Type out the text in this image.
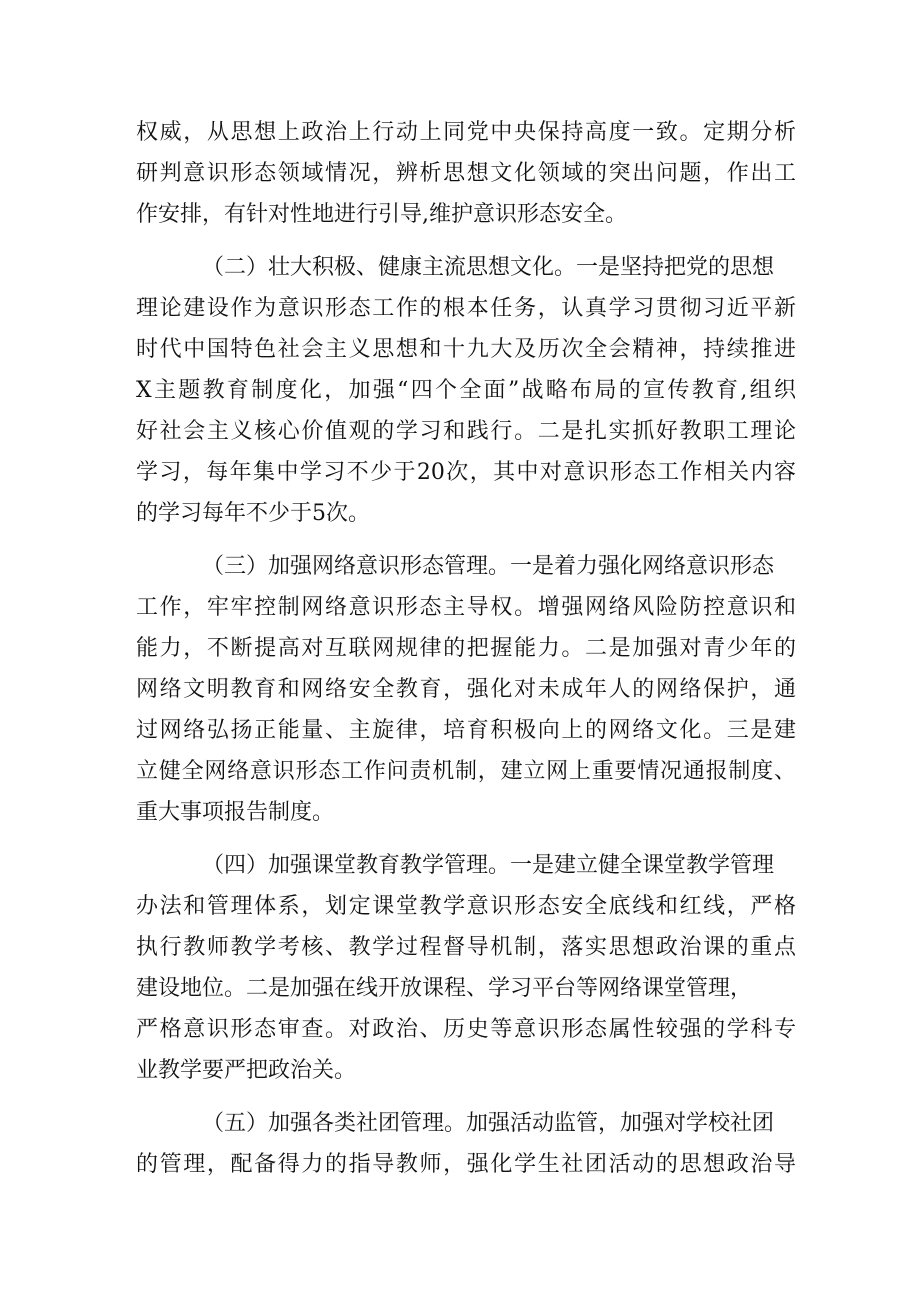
权威，从思想上政治上行动上同党中央保持高度一致。定期分析
研判意识形态领域情况，辨析思想文化领域的突出问题，作出工
作安排，有针对性地进行引导,维护意识形态安全。
（二）壮大积极、健康主流思想文化。一是坚持把党的思想
理论建设作为意识形态工作的根本任务，认真学习贯彻习近平新
时代中国特色社会主义思想和十九大及历次全会精神，持续推进
X主题教育制度化，加强“四个全面”战略布局的宣传教育,组织
好社会主义核心价值观的学习和践行。二是扎实抓好教职工理论
学习，每年集中学习不少于20次，其中对意识形态工作相关内容
的学习每年不少于5次。
（三）加强网络意识形态管理。一是着力强化网络意识形态
工作，牢牢控制网络意识形态主导权。增强网络风险防控意识和
能力，不断提高对互联网规律的把握能力。二是加强对青少年的
网络文明教育和网络安全教育，强化对未成年人的网络保护，通
过网络弘扬正能量、主旋律，培育积极向上的网络文化。三是建
立健全网络意识形态工作问责机制，建立网上重要情况通报制度、
重大事项报告制度。
（四）加强课堂教育教学管理。一是建立健全课堂教学管理
办法和管理体系，划定课堂教学意识形态安全底线和红线，严格
执行教师教学考核、教学过程督导机制，落实思想政治课的重点
建设地位。二是加强在线开放课程、学习平台等网络课堂管理，
严格意识形态审查。对政治、历史等意识形态属性较强的学科专
业教学要严把政治关。
（五）加强各类社团管理。加强活动监管，加强对学校社团
的管理，配备得力的指导教师，强化学生社团活动的思想政治导
